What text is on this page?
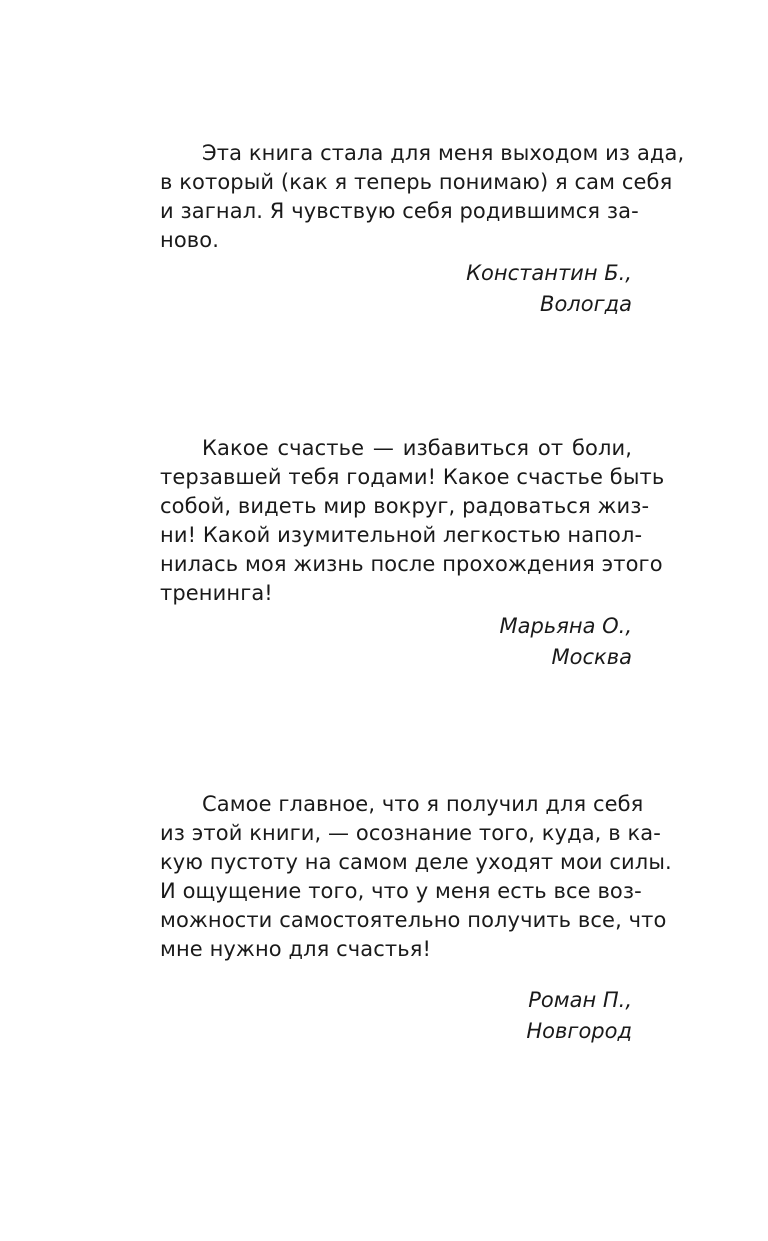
Эта книга стала для меня выходом из ада,
в который (как я теперь понимаю) я сам себя
и загнал. Я чувствую себя родившимся за-
ново.
Константин Б.,
Вологда
Какое счастье — избавиться от боли,
терзавшей тебя годами! Какое счастье быть
собой, видеть мир вокруг, радоваться жиз-
ни! Какой изумительной легкостью напол-
нилась моя жизнь после прохождения этого
тренинга!
Марьяна О.,
Москва
Самое главное, что я получил для себя
из этой книги, — осознание того, куда, в ка-
кую пустоту на самом деле уходят мои силы.
И ощущение того, что у меня есть все воз-
можности самостоятельно получить все, что
мне нужно для счастья!
Роман П.,
Новгород
